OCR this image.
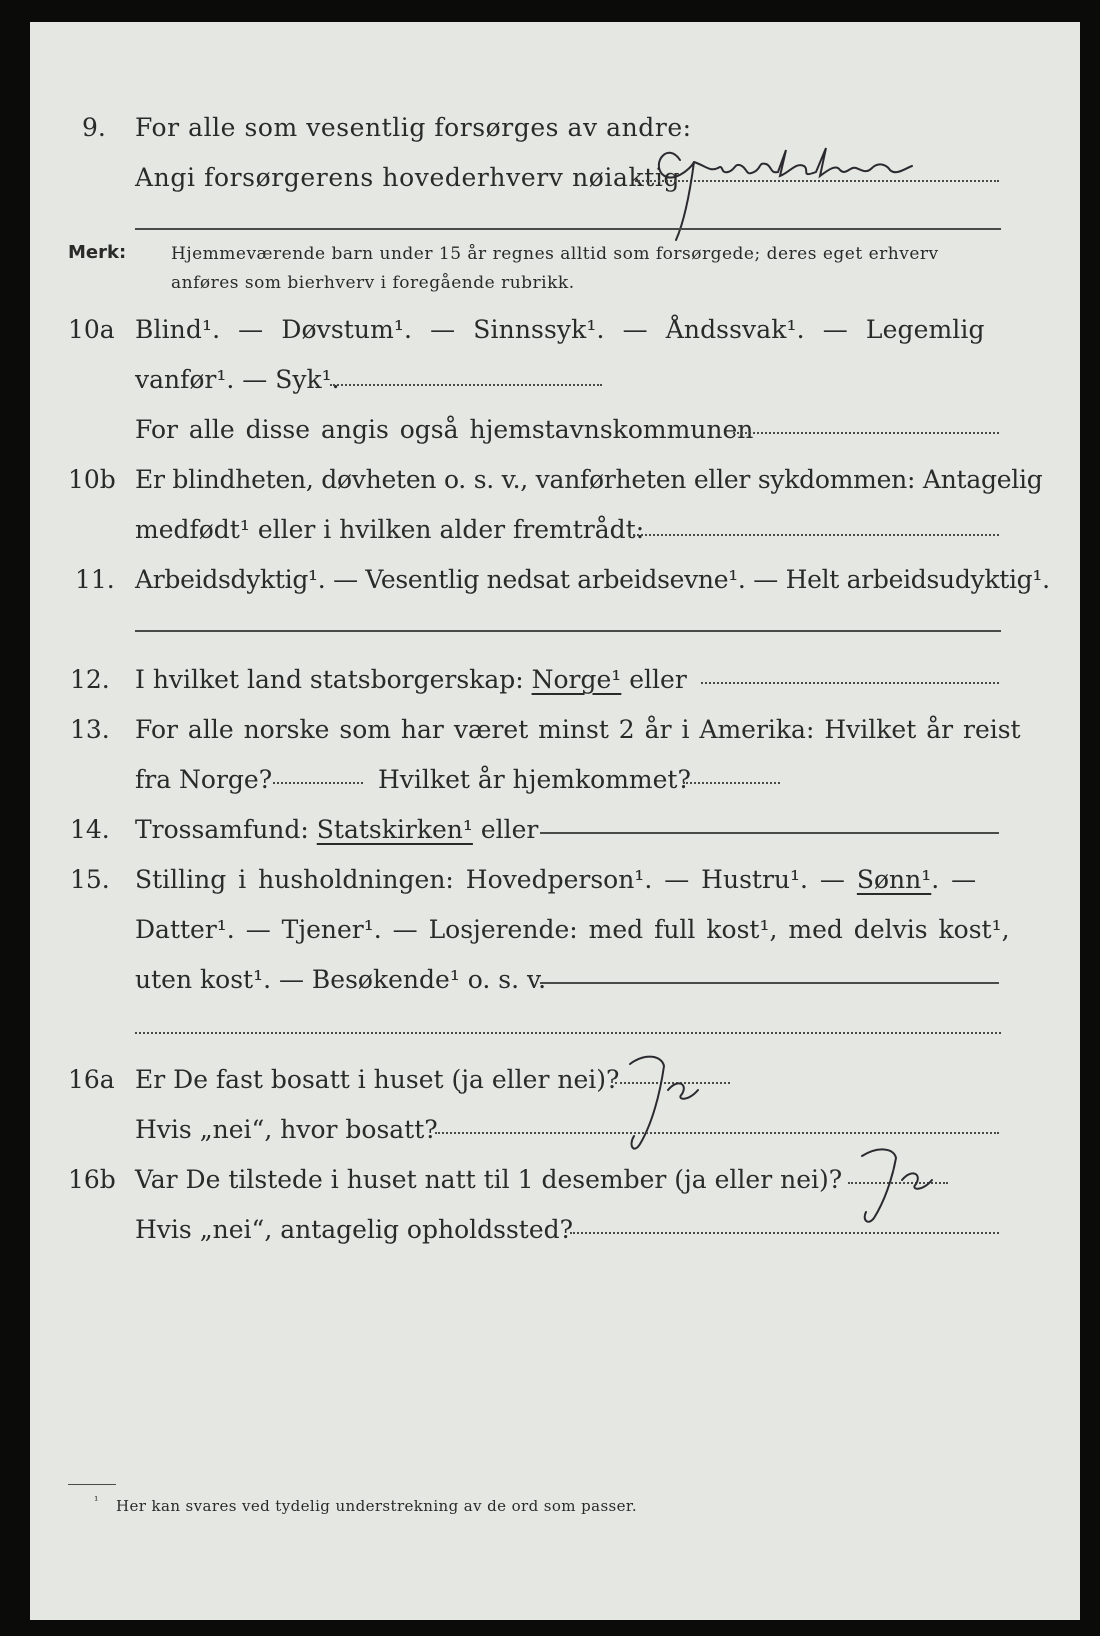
9. For alle som vesentlig forsørges av andre:
Angi forsørgerens hovederhverv nøiaktig
Merk:	Hjemmeværende barn under 15 år regnes alltid som forsørgede; deres eget erhverv
anføres som bierhverv i foregående rubrikk.
10a Blind¹. — Døvstum¹. — Sinnssyk¹. — Åndssvak¹. — Legemlig
vanfør¹. — Syk¹.
For alle disse angis også hjemstavnskommunen
10b Er blindheten, døvheten o. s. v., vanførheten eller sykdommen: Antagelig
medfødt¹ eller i hvilken alder fremtrådt:
11. Arbeidsdyktig¹. — Vesentlig nedsat arbeidsevne¹. — Helt arbeidsudyktig¹.
12. I hvilket land statsborgerskap: Norge¹ eller
13. For alle norske som har været minst 2 år i Amerika: Hvilket år reist
fra Norge?	Hvilket år hjemkommet?
14. Trossamfund: Statskirken¹ eller
15. Stilling i husholdningen: Hovedperson¹. — Hustru¹. — Sønn¹. —
Datter¹. — Tjener¹. — Losjerende: med full kost¹, med delvis kost¹,
uten kost¹. — Besøkende¹ o. s. v.
16a Er De fast bosatt i huset (ja eller nei)?
Hvis „nei“, hvor bosatt?
16b Var De tilstede i huset natt til 1 desember (ja eller nei)?
Hvis „nei“, antagelig opholdssted?
¹ Her kan svares ved tydelig understrekning av de ord som passer.
